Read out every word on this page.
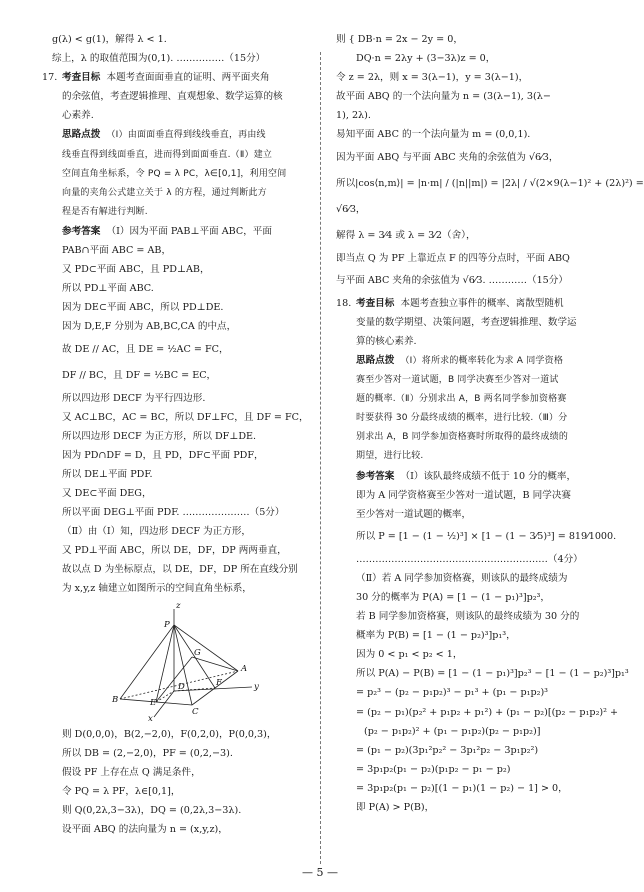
g(λ) < g(1)，解得 λ < 1.
综上，λ 的取值范围为(0,1). ……………（15分）
17. 考查目标 本题考查面面垂直的证明、两平面夹角
的余弦值，考查逻辑推理、直观想象、数学运算的核
心素养.
思路点拨 （Ⅰ）由面面垂直得到线线垂直，再由线
线垂直得到线面垂直，进而得到面面垂直.（Ⅱ）建立
空间直角坐标系，令 PQ = λ PC，λ∈[0,1]，利用空间
向量的夹角公式建立关于 λ 的方程，通过判断此方
程是否有解进行判断.
参考答案 （Ⅰ）因为平面 PAB⊥平面 ABC，平面
PAB∩平面 ABC = AB，
又 PD⊂平面 ABC，且 PD⊥AB，
所以 PD⊥平面 ABC.
因为 DE⊂平面 ABC，所以 PD⊥DE.
因为 D,E,F 分别为 AB,BC,CA 的中点，
故 DE // AC，且 DE = ½AC = FC，
DF // BC，且 DF = ½BC = EC，
所以四边形 DECF 为平行四边形.
又 AC⊥BC，AC = BC，所以 DF⊥FC，且 DF = FC，
所以四边形 DECF 为正方形，所以 DF⊥DE.
因为 PD∩DF = D，且 PD，DF⊂平面 PDF，
所以 DE⊥平面 PDF.
又 DE⊂平面 DEG，
所以平面 DEG⊥平面 PDF. …………………（5分）
（Ⅱ）由（Ⅰ）知，四边形 DECF 为正方形，
又 PD⊥平面 ABC，所以 DE，DF，DP 两两垂直，
故以点 D 为坐标原点，以 DE，DF，DP 所在直线分别
为 x,y,z 轴建立如图所示的空间直角坐标系，
z
P
G
A
D	F	y
B	E
C
x
则 D(0,0,0)，B(2,−2,0)，F(0,2,0)，P(0,0,3)，
所以 DB = (2,−2,0)，PF = (0,2,−3).
假设 PF 上存在点 Q 满足条件，
令 PQ = λ PF，λ∈[0,1]，
则 Q(0,2λ,3−3λ)，DQ = (0,2λ,3−3λ).
设平面 ABQ 的法向量为 n = (x,y,z)，
则 { DB·n = 2x − 2y = 0，
DQ·n = 2λy + (3−3λ)z = 0，
令 z = 2λ，则 x = 3(λ−1)，y = 3(λ−1)，
故平面 ABQ 的一个法向量为 n = (3(λ−1), 3(λ−
1), 2λ).
易知平面 ABC 的一个法向量为 m = (0,0,1).
因为平面 ABQ 与平面 ABC 夹角的余弦值为 √6⁄3，
所以|cos⟨n,m⟩| = |n·m| / (|n||m|) = |2λ| / √(2×9(λ−1)² + (2λ)²) =
√6⁄3，
解得 λ = 3⁄4 或 λ = 3⁄2（舍），
即当点 Q 为 PF 上靠近点 F 的四等分点时，平面 ABQ
与平面 ABC 夹角的余弦值为 √6⁄3. …………（15分）
18. 考查目标 本题考查独立事件的概率、离散型随机
变量的数学期望、决策问题，考查逻辑推理、数学运
算的核心素养.
思路点拨 （Ⅰ）将所求的概率转化为求 A 同学资格
赛至少答对一道试题，B 同学决赛至少答对一道试
题的概率.（Ⅱ）分别求出 A，B 两名同学参加资格赛
时要获得 30 分最终成绩的概率，进行比较.（Ⅲ）分
别求出 A，B 同学参加资格赛时所取得的最终成绩的
期望，进行比较.
参考答案 （Ⅰ）该队最终成绩不低于 10 分的概率，
即为 A 同学资格赛至少答对一道试题，B 同学决赛
至少答对一道试题的概率，
所以 P = [1 − (1 − ½)³] × [1 − (1 − 3⁄5)³] = 819⁄1000.
……………………………………………………（4分）
（Ⅱ）若 A 同学参加资格赛，则该队的最终成绩为
30 分的概率为 P(A) = [1 − (1 − p₁)³]p₂³，
若 B 同学参加资格赛，则该队的最终成绩为 30 分的
概率为 P(B) = [1 − (1 − p₂)³]p₁³，
因为 0 < p₁ < p₂ < 1，
所以 P(A) − P(B) = [1 − (1 − p₁)³]p₂³ − [1 − (1 − p₂)³]p₁³
= p₂³ − (p₂ − p₁p₂)³ − p₁³ + (p₁ − p₁p₂)³
= (p₂ − p₁)(p₂² + p₁p₂ + p₁²) + (p₁ − p₂)[(p₂ − p₁p₂)² +
(p₂ − p₁p₂)² + (p₁ − p₁p₂)(p₂ − p₁p₂)]
= (p₁ − p₂)(3p₁²p₂² − 3p₁²p₂ − 3p₁p₂²)
= 3p₁p₂(p₁ − p₂)(p₁p₂ − p₁ − p₂)
= 3p₁p₂(p₁ − p₂)[(1 − p₁)(1 − p₂) − 1] > 0，
即 P(A) > P(B)，
— 5 —
